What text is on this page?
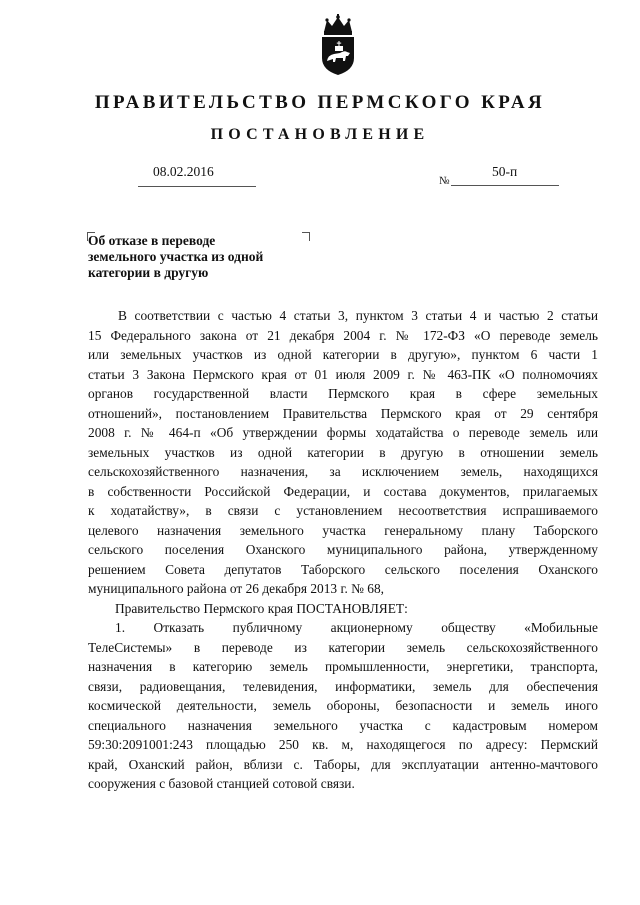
ПРАВИТЕЛЬСТВО ПЕРМСКОГО КРАЯ
ПОСТАНОВЛЕНИЕ
08.02.2016
№
50-п
Об отказе в переводе
земельного участка из одной
категории в другую
В соответствии с частью 4 статьи 3, пунктом 3 статьи 4 и частью 2 статьи
15 Федерального закона от 21 декабря 2004 г. № 172-ФЗ «О переводе земель
или земельных участков из одной категории в другую», пунктом 6 части 1
статьи 3 Закона Пермского края от 01 июля 2009 г. № 463-ПК «О полномочиях
органов государственной власти Пермского края в сфере земельных
отношений», постановлением Правительства Пермского края от 29 сентября
2008 г. № 464-п «Об утверждении формы ходатайства о переводе земель или
земельных участков из одной категории в другую в отношении земель
сельскохозяйственного назначения, за исключением земель, находящихся
в собственности Российской Федерации, и состава документов, прилагаемых
к ходатайству», в связи с установлением несоответствия испрашиваемого
целевого назначения земельного участка генеральному плану Таборского
сельского поселения Оханского муниципального района, утвержденному
решением Совета депутатов Таборского сельского поселения Оханского
муниципального района от 26 декабря 2013 г. № 68,
Правительство Пермского края ПОСТАНОВЛЯЕТ:
1. Отказать публичному акционерному обществу «Мобильные
ТелеСистемы» в переводе из категории земель сельскохозяйственного
назначения в категорию земель промышленности, энергетики, транспорта,
связи, радиовещания, телевидения, информатики, земель для обеспечения
космической деятельности, земель обороны, безопасности и земель иного
специального назначения земельного участка с кадастровым номером
59:30:2091001:243 площадью 250 кв. м, находящегося по адресу: Пермский
край, Оханский район, вблизи с. Таборы, для эксплуатации антенно-мачтового
сооружения с базовой станцией сотовой связи.
